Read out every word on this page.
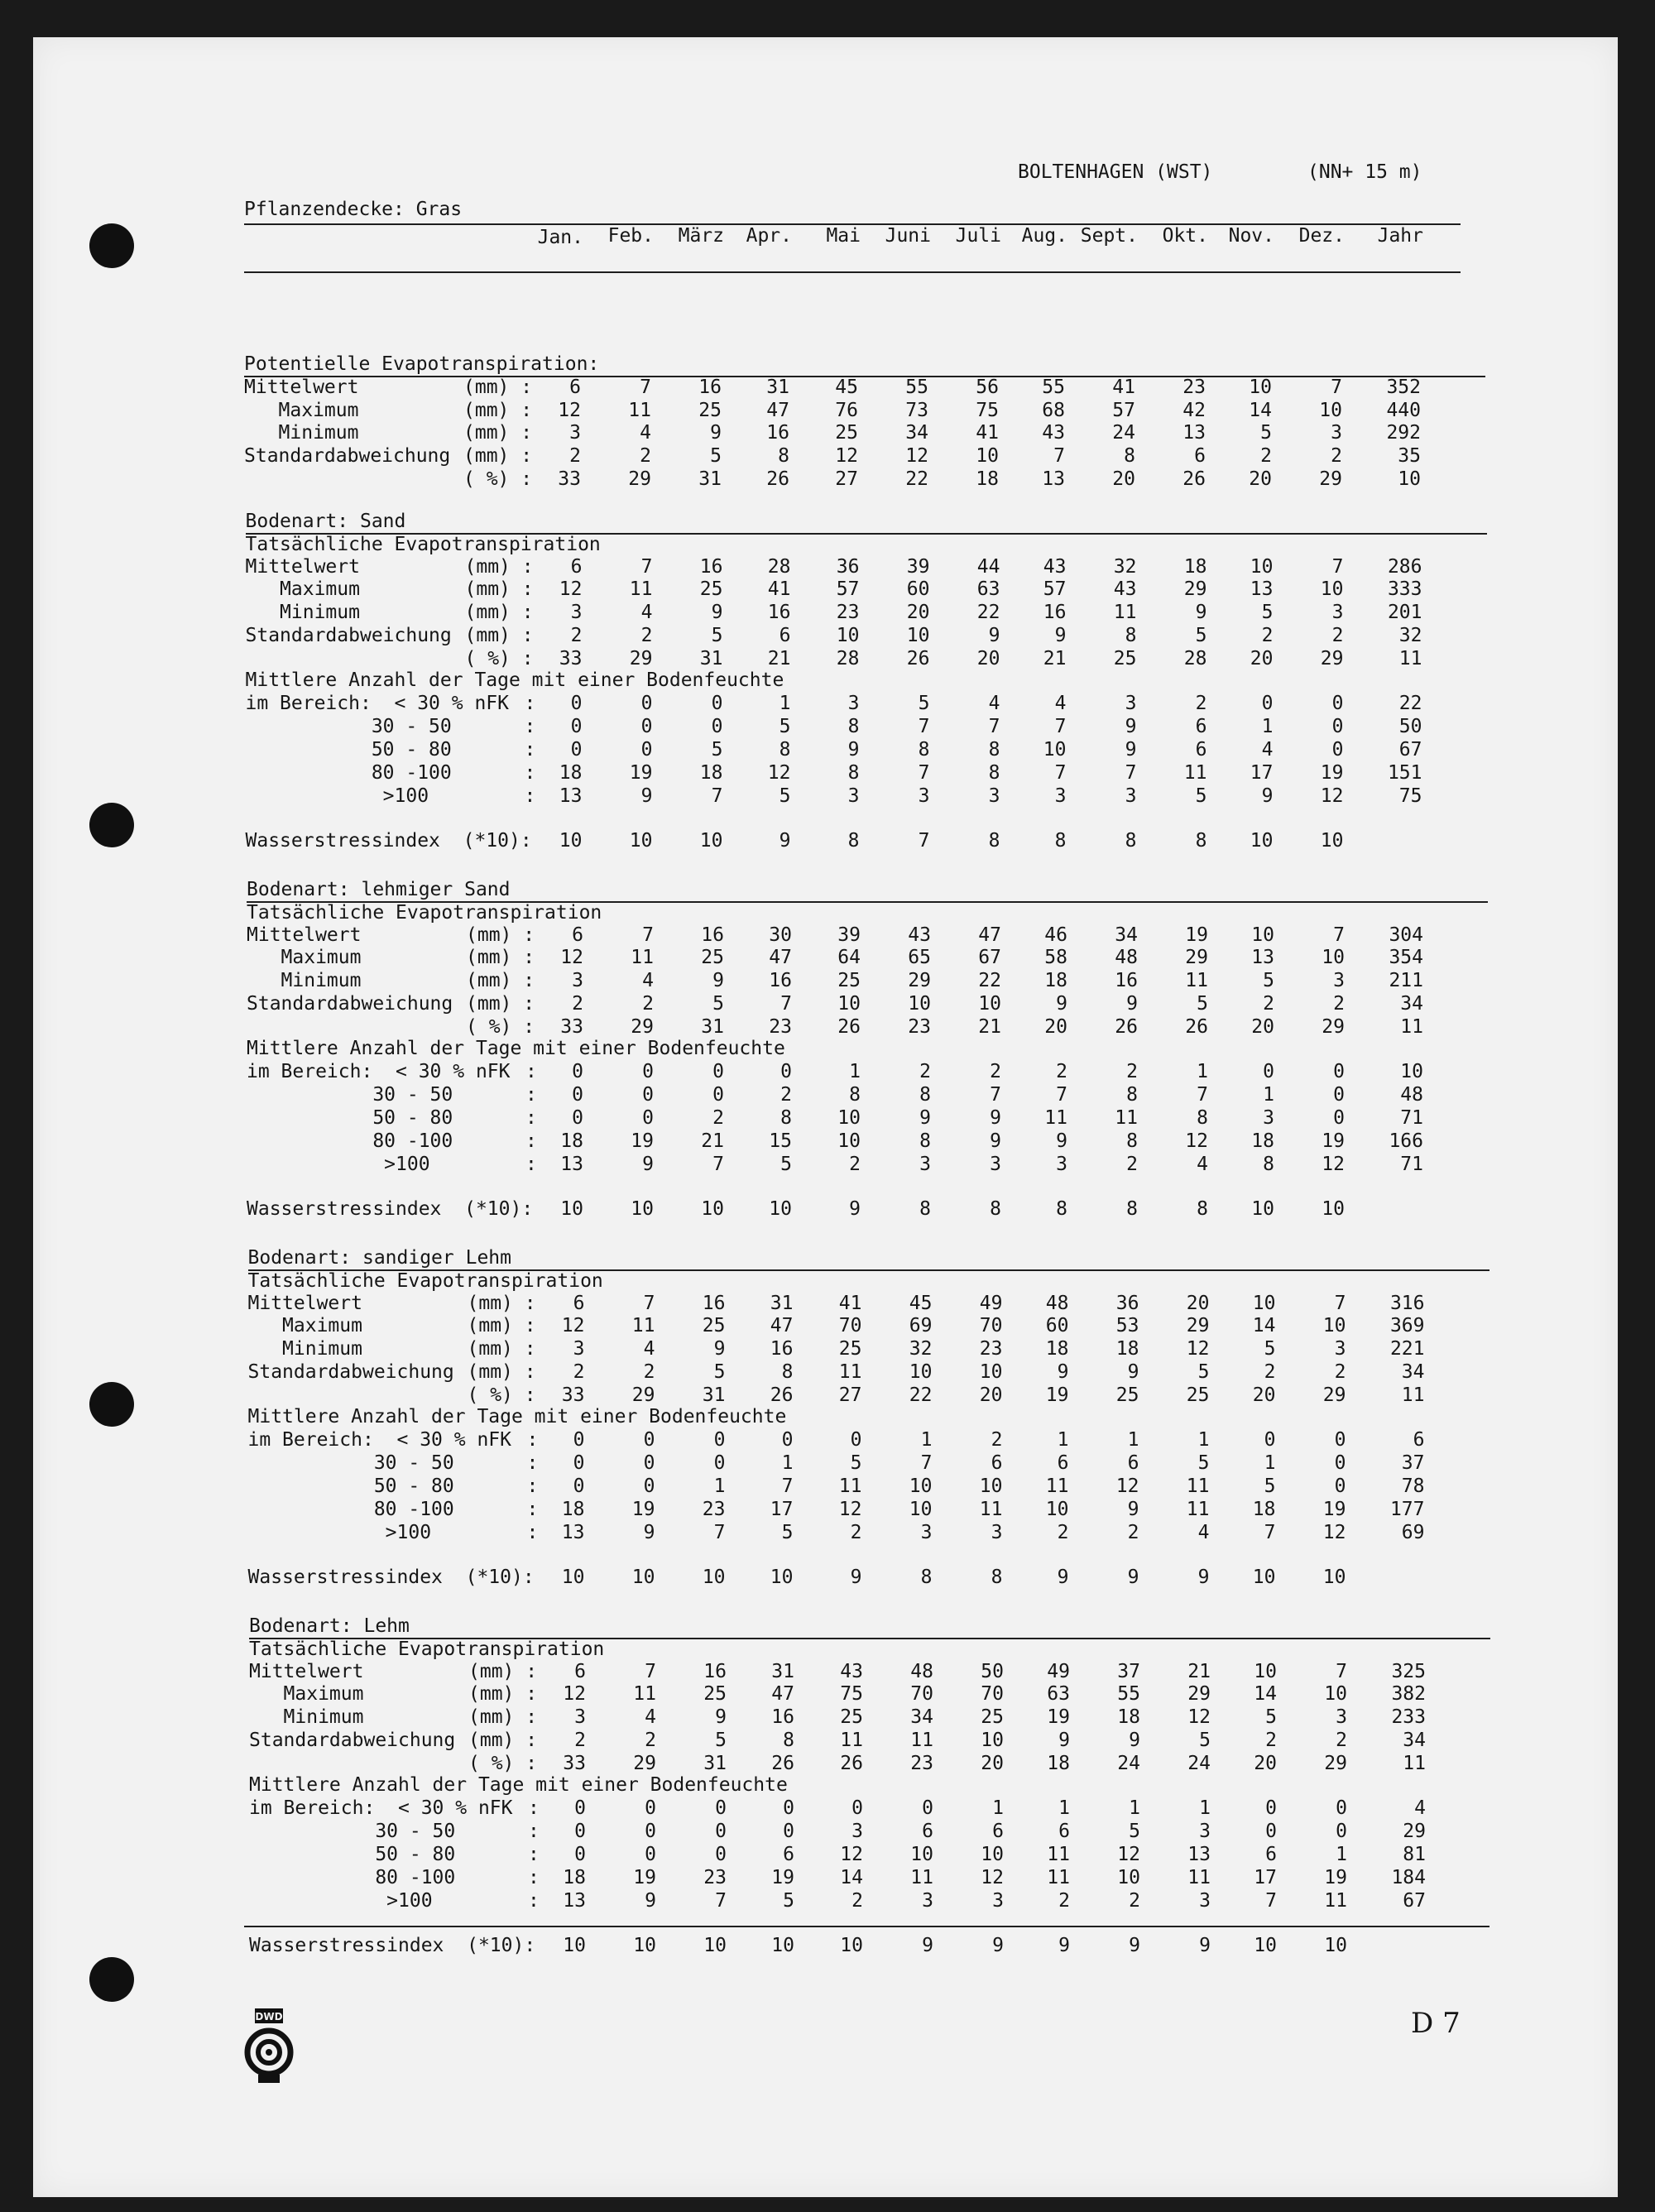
BOLTENHAGEN (WST)	(NN+ 15 m)
Pflanzendecke: Gras
Jan.	Feb.	März	Apr.	Mai	Juni	Juli	Aug. Sept.	Okt.	Nov.	Dez.	Jahr
Potentielle Evapotranspiration:
Mittelwert	(mm) :	6	7	16	31	45	55	56	55	41	23	10	7	352
Maximum	(mm) :	12	11	25	47	76	73	75	68	57	42	14	10	440
Minimum	(mm) :	3	4	9	16	25	34	41	43	24	13	5	3	292
Standardabweichung (mm) :	2	2	5	8	12	12	10	7	8	6	2	2	35
( %) :	33	29	31	26	27	22	18	13	20	26	20	29	10
Bodenart: Sand
Tatsächliche Evapotranspiration
Mittelwert	(mm) :	6	7	16	28	36	39	44	43	32	18	10	7	286
Maximum	(mm) :	12	11	25	41	57	60	63	57	43	29	13	10	333
Minimum	(mm) :	3	4	9	16	23	20	22	16	11	9	5	3	201
Standardabweichung (mm) :	2	2	5	6	10	10	9	9	8	5	2	2	32
( %) :	33	29	31	21	28	26	20	21	25	28	20	29	11
Mittlere Anzahl der Tage mit einer Bodenfeuchte
im Bereich:  < 30 % nFK :	0	0	0	1	3	5	4	4	3	2	0	0	22
30 - 50	:	0	0	0	5	8	7	7	7	9	6	1	0	50
50 - 80	:	0	0	5	8	9	8	8	10	9	6	4	0	67
80 -100	:	18	19	18	12	8	7	8	7	7	11	17	19	151
>100	:	13	9	7	5	3	3	3	3	3	5	9	12	75
Wasserstressindex  (*10):	10	10	10	9	8	7	8	8	8	8	10	10
Bodenart: lehmiger Sand
Tatsächliche Evapotranspiration
Mittelwert	(mm) :	6	7	16	30	39	43	47	46	34	19	10	7	304
Maximum	(mm) :	12	11	25	47	64	65	67	58	48	29	13	10	354
Minimum	(mm) :	3	4	9	16	25	29	22	18	16	11	5	3	211
Standardabweichung (mm) :	2	2	5	7	10	10	10	9	9	5	2	2	34
( %) :	33	29	31	23	26	23	21	20	26	26	20	29	11
Mittlere Anzahl der Tage mit einer Bodenfeuchte
im Bereich:  < 30 % nFK :	0	0	0	0	1	2	2	2	2	1	0	0	10
30 - 50	:	0	0	0	2	8	8	7	7	8	7	1	0	48
50 - 80	:	0	0	2	8	10	9	9	11	11	8	3	0	71
80 -100	:	18	19	21	15	10	8	9	9	8	12	18	19	166
>100	:	13	9	7	5	2	3	3	3	2	4	8	12	71
Wasserstressindex  (*10):	10	10	10	10	9	8	8	8	8	8	10	10
Bodenart: sandiger Lehm
Tatsächliche Evapotranspiration
Mittelwert	(mm) :	6	7	16	31	41	45	49	48	36	20	10	7	316
Maximum	(mm) :	12	11	25	47	70	69	70	60	53	29	14	10	369
Minimum	(mm) :	3	4	9	16	25	32	23	18	18	12	5	3	221
Standardabweichung (mm) :	2	2	5	8	11	10	10	9	9	5	2	2	34
( %) :	33	29	31	26	27	22	20	19	25	25	20	29	11
Mittlere Anzahl der Tage mit einer Bodenfeuchte
im Bereich:  < 30 % nFK :	0	0	0	0	0	1	2	1	1	1	0	0	6
30 - 50	:	0	0	0	1	5	7	6	6	6	5	1	0	37
50 - 80	:	0	0	1	7	11	10	10	11	12	11	5	0	78
80 -100	:	18	19	23	17	12	10	11	10	9	11	18	19	177
>100	:	13	9	7	5	2	3	3	2	2	4	7	12	69
Wasserstressindex  (*10):	10	10	10	10	9	8	8	9	9	9	10	10
Bodenart: Lehm
Tatsächliche Evapotranspiration
Mittelwert	(mm) :	6	7	16	31	43	48	50	49	37	21	10	7	325
Maximum	(mm) :	12	11	25	47	75	70	70	63	55	29	14	10	382
Minimum	(mm) :	3	4	9	16	25	34	25	19	18	12	5	3	233
Standardabweichung (mm) :	2	2	5	8	11	11	10	9	9	5	2	2	34
( %) :	33	29	31	26	26	23	20	18	24	24	20	29	11
Mittlere Anzahl der Tage mit einer Bodenfeuchte
im Bereich:  < 30 % nFK :	0	0	0	0	0	0	1	1	1	1	0	0	4
30 - 50	:	0	0	0	0	3	6	6	6	5	3	0	0	29
50 - 80	:	0	0	0	6	12	10	10	11	12	13	6	1	81
80 -100	:	18	19	23	19	14	11	12	11	10	11	17	19	184
>100	:	13	9	7	5	2	3	3	2	2	3	7	11	67
Wasserstressindex  (*10):	10	10	10	10	10	9	9	9	9	9	10	10
DWD	D 7
